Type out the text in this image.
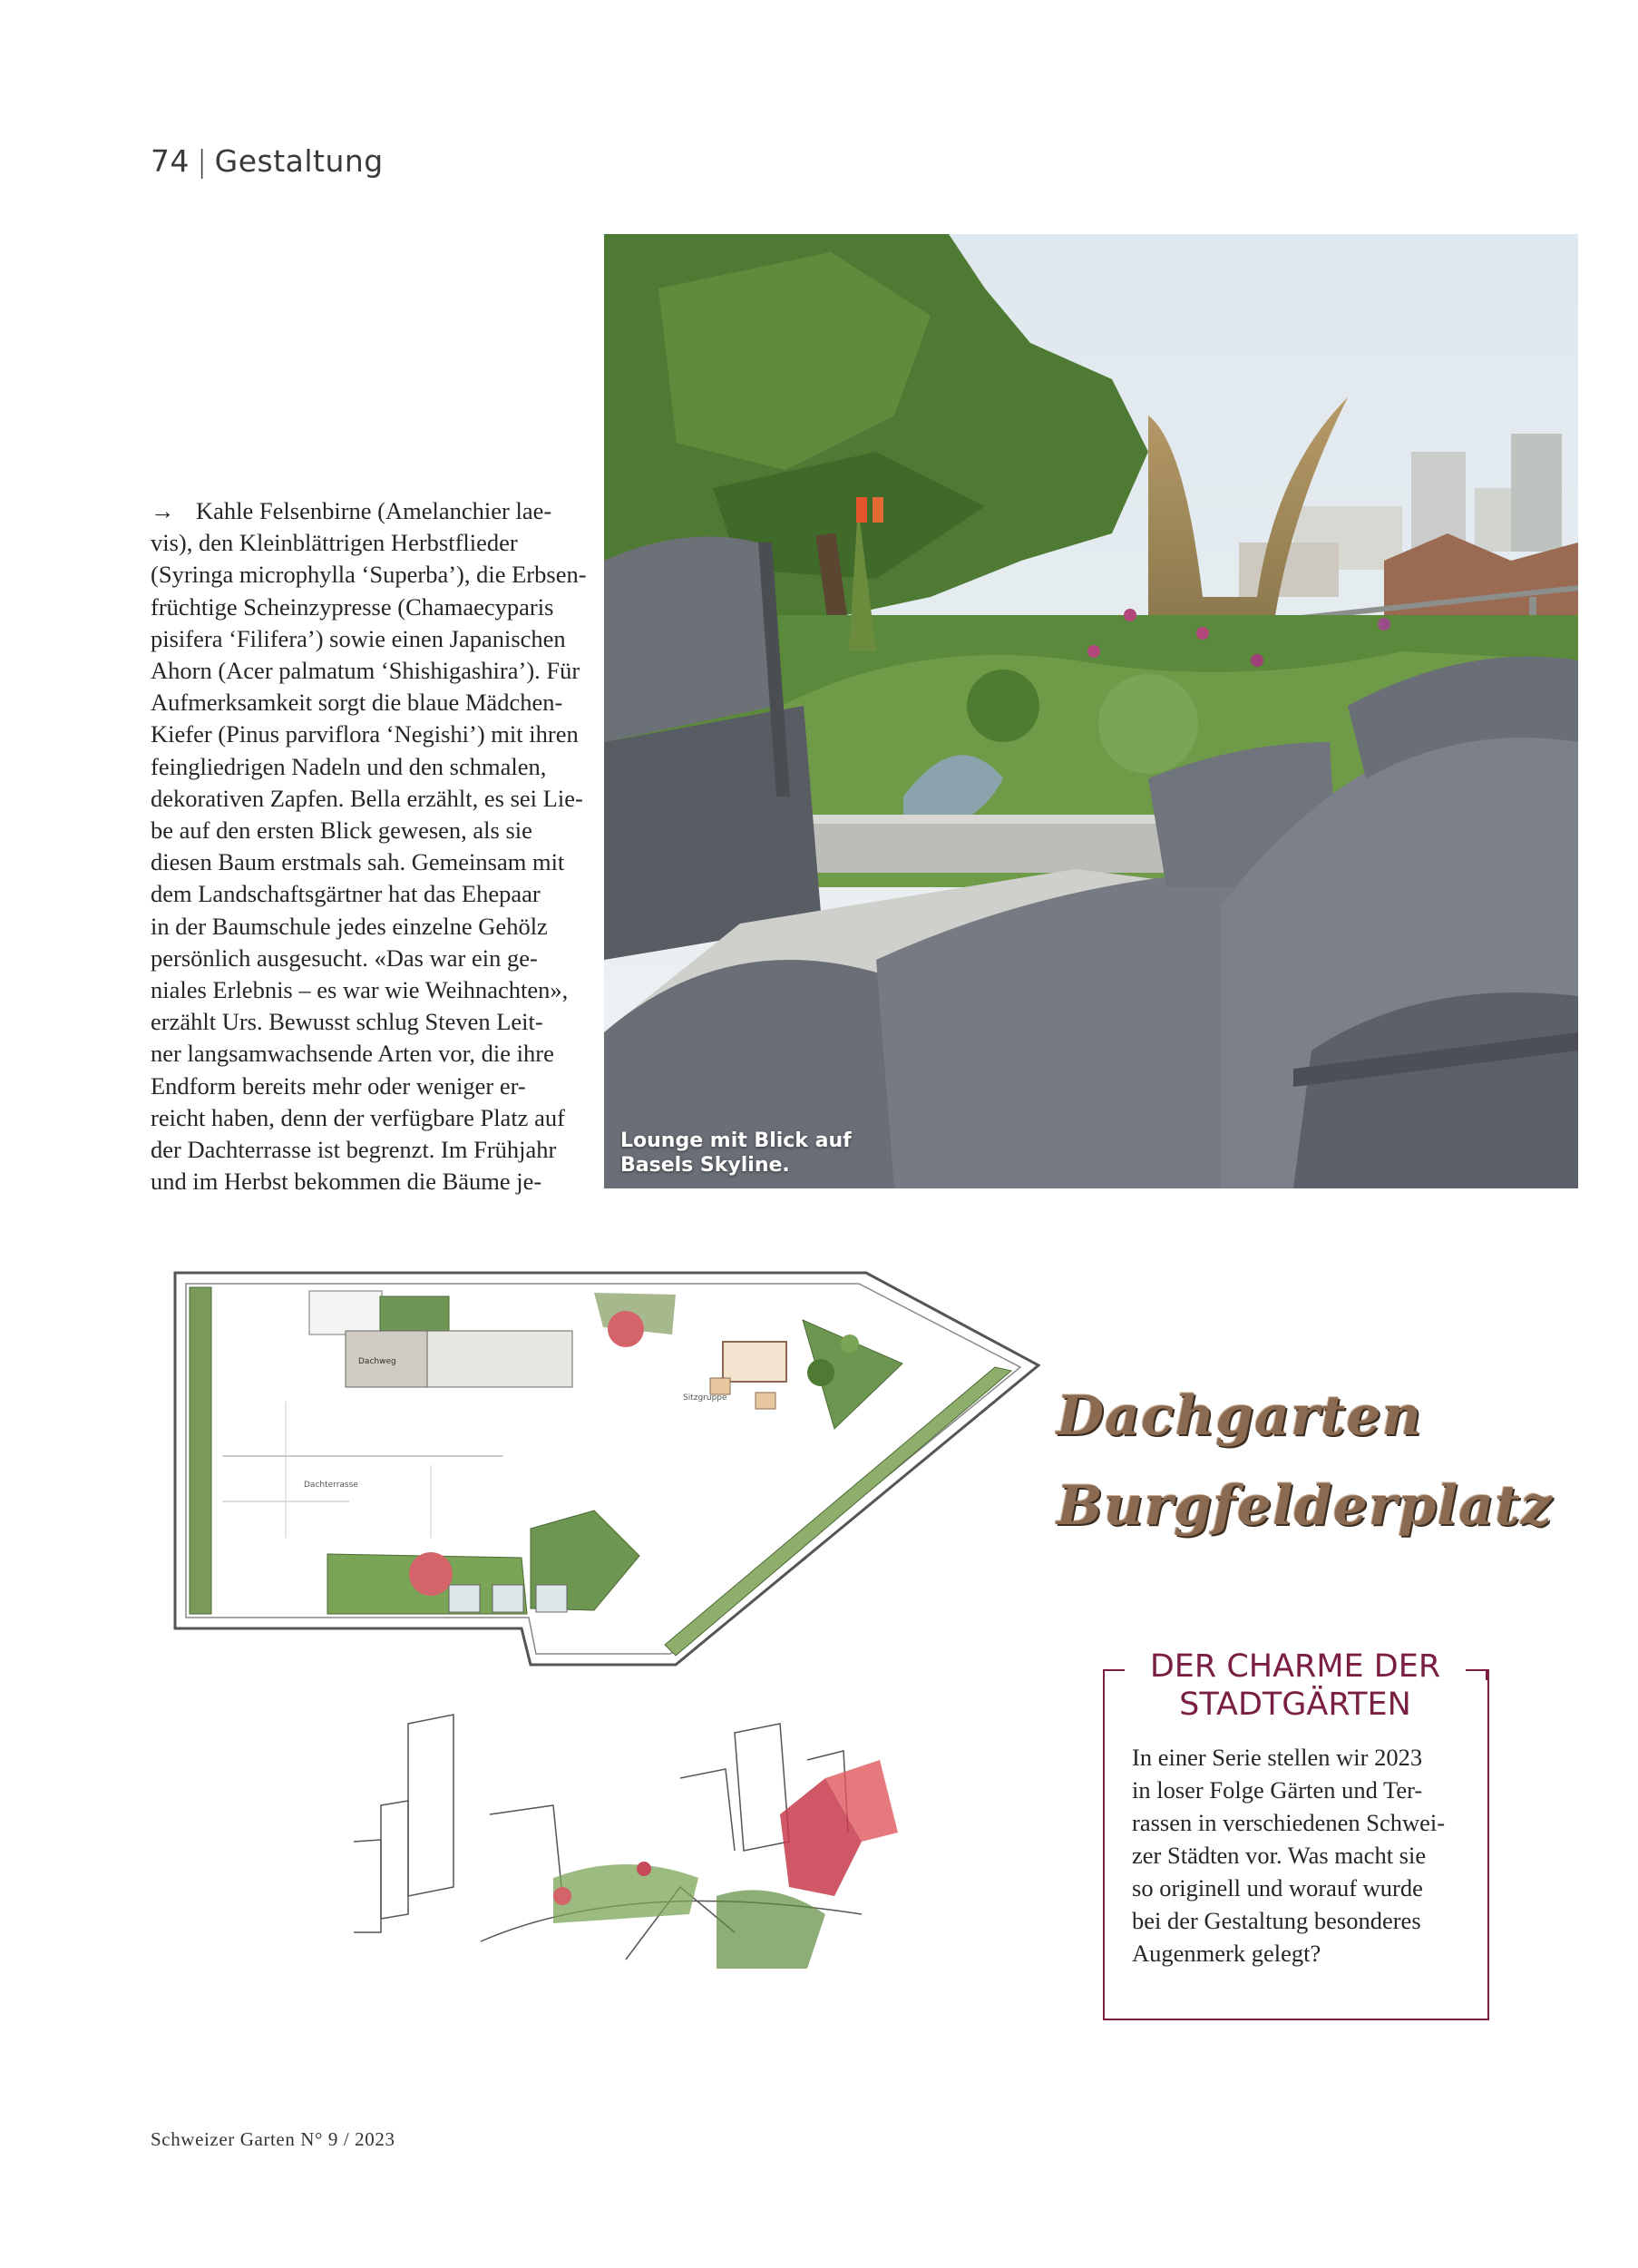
74 | Gestaltung

→ Kahle Felsenbirne (Amelanchier lae-
vis), den Kleinblättrigen Herbstflieder
(Syringa microphylla ‘Superba’), die Erbsen-
früchtige Scheinzypresse (Chamaecyparis
pisifera ‘Filifera’) sowie einen Japanischen
Ahorn (Acer palmatum ‘Shishigashira’). Für
Aufmerksamkeit sorgt die blaue Mädchen-
Kiefer (Pinus parviflora ‘Negishi’) mit ihren
feingliedrigen Nadeln und den schmalen,
dekorativen Zapfen. Bella erzählt, es sei Lie-
be auf den ersten Blick gewesen, als sie
diesen Baum erstmals sah. Gemeinsam mit
dem Landschaftsgärtner hat das Ehepaar
in der Baumschule jedes einzelne Gehölz
persönlich ausgesucht. «Das war ein ge-
niales Erlebnis – es war wie Weihnachten»,
erzählt Urs. Bewusst schlug Steven Leit-
ner langsamwachsende Arten vor, die ihre
Endform bereits mehr oder weniger er-
reicht haben, denn der verfügbare Platz auf
der Dachterrasse ist begrenzt. Im Frühjahr
und im Herbst bekommen die Bäume je-

Lounge mit Blick auf
Basels Skyline.

Dachterrasse
Dachweg
Sitzgruppe	Dachgarten
Burgfelderplatz
DER CHARME DER
STADTGÄRTEN

In einer Serie stellen wir 2023
in loser Folge Gärten und Ter-
rassen in verschiedenen Schwei-
zer Städten vor. Was macht sie
so originell und worauf wurde
bei der Gestaltung besonderes
Augenmerk gelegt?

Schweizer Garten N° 9 / 2023
